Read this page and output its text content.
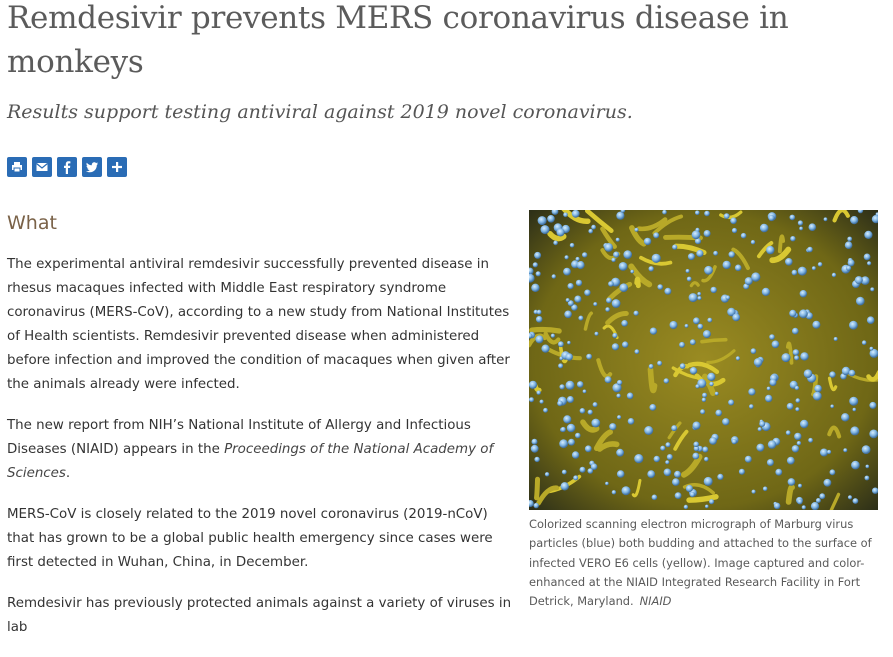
Remdesivir prevents MERS coronavirus disease in monkeys
Results support testing antiviral against 2019 novel coronavirus.
What

The experimental antiviral remdesivir successfully prevented disease in rhesus macaques infected with Middle East respiratory syndrome coronavirus (MERS-CoV), according to a new study from National Institutes of Health scientists. Remdesivir prevented disease when administered before infection and improved the condition of macaques when given after the animals already were infected.

The new report from NIH’s National Institute of Allergy and Infectious Diseases (NIAID) appears in the Proceedings of the National Academy of Sciences.

MERS-CoV is closely related to the 2019 novel coronavirus (2019-nCoV) that has grown to be a global public health emergency since cases were first detected in Wuhan, China, in December.

Remdesivir has previously protected animals against a variety of viruses in lab

Colorized scanning electron micrograph of Marburg virus particles (blue) both budding and attached to the surface of infected VERO E6 cells (yellow). Image captured and color-enhanced at the NIAID Integrated Research Facility in Fort Detrick, Maryland. NIAID
